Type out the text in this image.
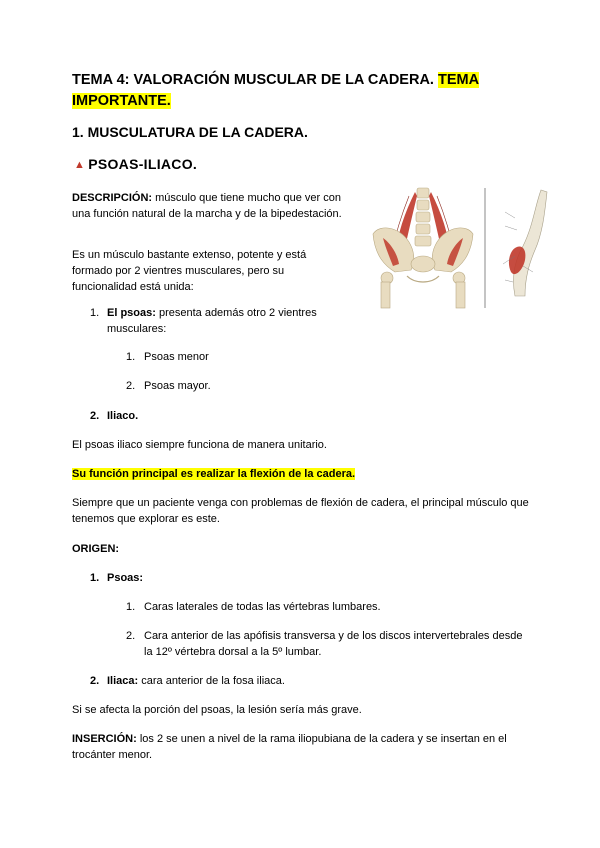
TEMA 4: VALORACIÓN MUSCULAR DE LA CADERA. TEMA IMPORTANTE.
1. MUSCULATURA DE LA CADERA.
▲ PSOAS-ILIACO.
DESCRIPCIÓN: músculo que tiene mucho que ver con una función natural de la marcha y de la bipedestación.
Es un músculo bastante extenso, potente y está formado por 2 vientres musculares, pero su funcionalidad está unida:
1. El psoas: presenta además otro 2 vientres musculares:
1. Psoas menor
2. Psoas mayor.
2. Iliaco.
El psoas iliaco siempre funciona de manera unitario.
Su función principal es realizar la flexión de la cadera.
Siempre que un paciente venga con problemas de flexión de cadera, el principal músculo que tenemos que explorar es este.
ORIGEN:
1. Psoas:
1. Caras laterales de todas las vértebras lumbares.
2. Cara anterior de las apófisis transversa y de los discos intervertebrales desde la 12º vértebra dorsal a la 5º lumbar.
2. Iliaca: cara anterior de la fosa iliaca.
Si se afecta la porción del psoas, la lesión sería más grave.
INSERCIÓN: los 2 se unen a nivel de la rama iliopubiana de la cadera y se insertan en el trocánter menor.
